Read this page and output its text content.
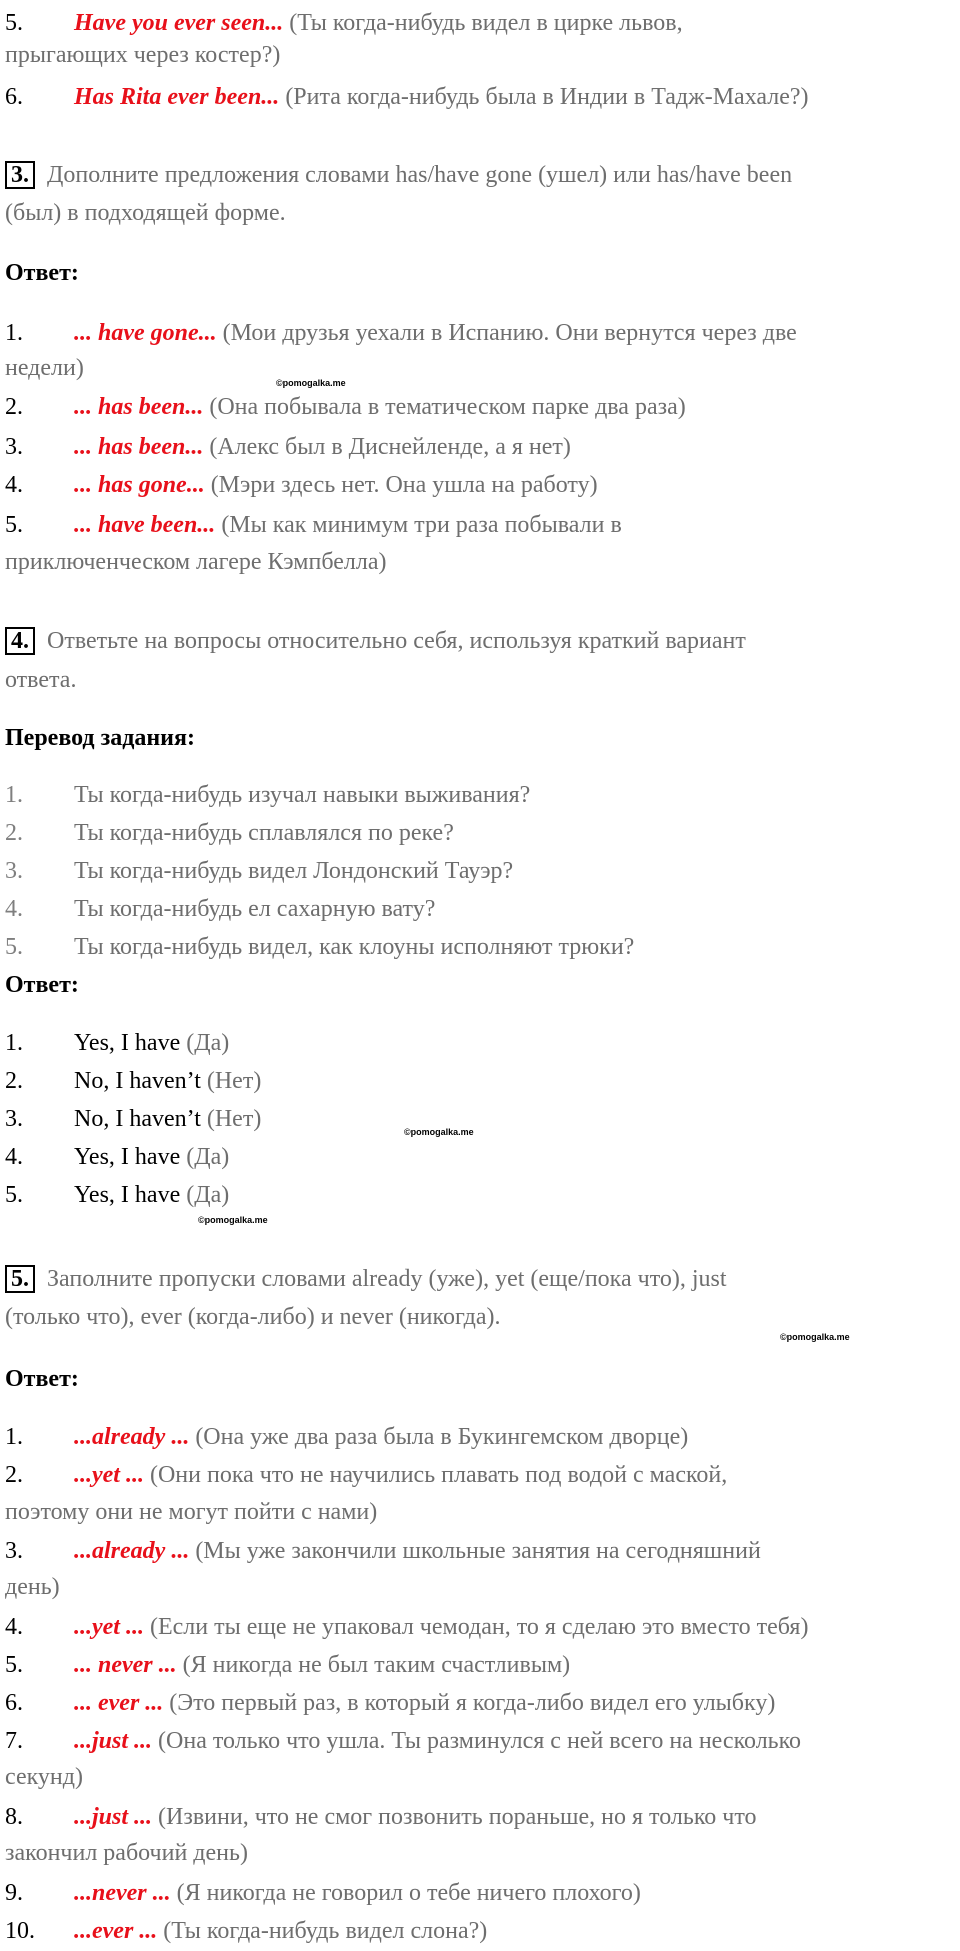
5. Have you ever seen... (Ты когда-нибудь видел в цирке львов,
прыгающих через костер?)
6. Has Rita ever been... (Рита когда-нибудь была в Индии в Тадж-Махале?)
3. Дополните предложения словами has/have gone (ушел) или has/have been
(был) в подходящей форме.
Ответ:
1. ... have gone... (Мои друзья уехали в Испанию. Они вернутся через две
недели)
2. ... has been... (Она побывала в тематическом парке два раза)
3. ... has been... (Алекс был в Диснейленде, а я нет)
4. ... has gone... (Мэри здесь нет. Она ушла на работу)
5. ... have been... (Мы как минимум три раза побывали в
приключенческом лагере Кэмпбелла)
4. Ответьте на вопросы относительно себя, используя краткий вариант
ответа.
Перевод задания:
1. Ты когда-нибудь изучал навыки выживания?
2. Ты когда-нибудь сплавлялся по реке?
3. Ты когда-нибудь видел Лондонский Тауэр?
4. Ты когда-нибудь ел сахарную вату?
5. Ты когда-нибудь видел, как клоуны исполняют трюки?
Ответ:
1. Yes, I have (Да)
2. No, I haven’t (Нет)
3. No, I haven’t (Нет)
4. Yes, I have (Да)
5. Yes, I have (Да)
5. Заполните пропуски словами already (уже), yet (еще/пока что), just
(только что), ever (когда-либо) и never (никогда).
Ответ:
1. ...already ... (Она уже два раза была в Букингемском дворце)
2. ...yet ... (Они пока что не научились плавать под водой с маской,
поэтому они не могут пойти с нами)
3. ...already ... (Мы уже закончили школьные занятия на сегодняшний
день)
4. ...yet ... (Если ты еще не упаковал чемодан, то я сделаю это вместо тебя)
5. ... never ... (Я никогда не был таким счастливым)
6. ... ever ... (Это первый раз, в который я когда-либо видел его улыбку)
7. ...just ... (Она только что ушла. Ты разминулся с ней всего на несколько
секунд)
8. ...just ... (Извини, что не смог позвонить пораньше, но я только что
закончил рабочий день)
9. ...never ... (Я никогда не говорил о тебе ничего плохого)
10. ...ever ... (Ты когда-нибудь видел слона?)
©pomogalka.me
©pomogalka.me
©pomogalka.me
©pomogalka.me
